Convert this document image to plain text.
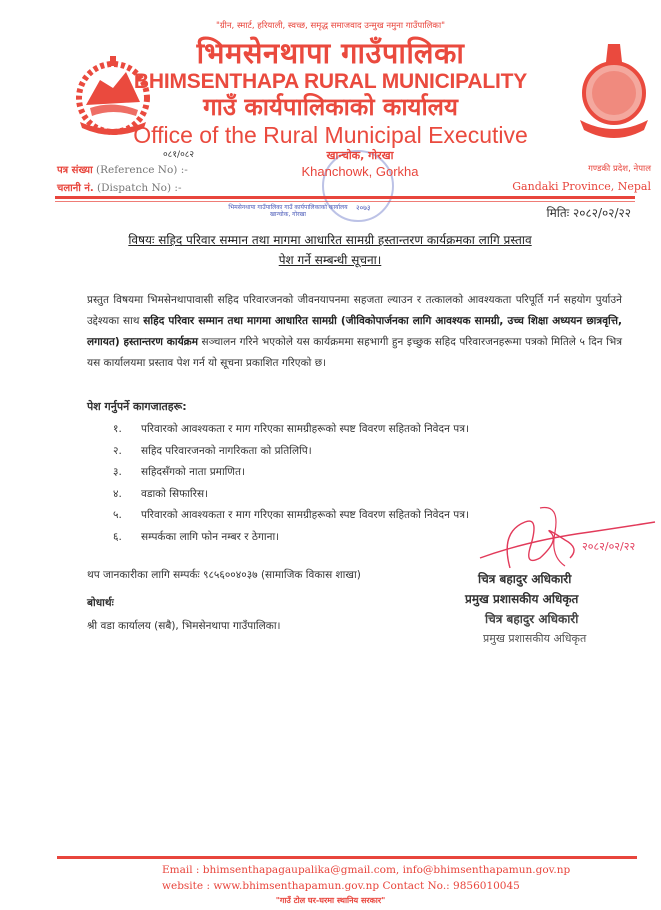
"ग्रीन, स्मार्ट, हरियाली, स्वच्छ, समृद्ध समाजवाद उन्मुख नमुना गाउँपालिका"
भिमसेनथापा गाउँपालिका
BHIMSENTHAPA RURAL MUNICIPALITY
गाउँ कार्यपालिकाको कार्यालय
Office of the Rural Municipal Executive
०८१/०८२
पत्र संख्या (Reference No) :-
चलानी नं. (Dispatch No) :-
खान्चोक, गोरखा
Khanchowk, Gorkha	गण्डकी प्रदेश, नेपाल
Gandaki Province, Nepal
भिमसेनथापा गाउँपालिका गाउँ कार्यपालिकाको कार्यालय खान्चोक, गोरखा
२०७३	मितिः २०८२/०२/२२
विषयः सहिद परिवार सम्मान तथा मागमा आधारित सामग्री हस्तान्तरण कार्यक्रमका लागि प्रस्ताव
पेश गर्ने सम्बन्धी सूचना।
प्रस्तुत विषयमा भिमसेनथापावासी सहिद परिवारजनको जीवनयापनमा सहजता ल्याउन र तत्कालको आवश्यकता परिपूर्ति गर्न सहयोग पुर्याउने उद्देश्यका साथ सहिद परिवार सम्मान तथा मागमा आधारित सामग्री (जीविकोपार्जनका लागि आवश्यक सामग्री, उच्च शिक्षा अध्ययन छात्रवृत्ति, लगायत) हस्तान्तरण कार्यक्रम सञ्चालन गरिने भएकोले यस कार्यक्रममा सहभागी हुन इच्छुक सहिद परिवारजनहरूमा पत्रको मितिले ५ दिन भित्र यस कार्यालयमा प्रस्ताव पेश गर्न यो सूचना प्रकाशित गरिएको छ।
पेश गर्नुपर्ने कागजातहरू:
१.	परिवारको आवश्यकता र माग गरिएका सामग्रीहरूको स्पष्ट विवरण सहितको निवेदन पत्र।
२.	सहिद परिवारजनको नागरिकता को प्रतिलिपि।
३.	सहिदसँगको नाता प्रमाणित।
४.	वडाको सिफारिस।
५.	परिवारको आवश्यकता र माग गरिएका सामग्रीहरूको स्पष्ट विवरण सहितको निवेदन पत्र।
६.	सम्पर्कका लागि फोन नम्बर र ठेगाना।
थप जानकारीका लागि सम्पर्कः ९८५६००४०३७ (सामाजिक विकास शाखा)
बोधार्थः
श्री वडा कार्यालय (सबै), भिमसेनथापा गाउँपालिका।
२०८२/०२/२२
चित्र बहादुर अधिकारी
प्रमुख प्रशासकीय अधिकृत
चित्र बहादुर अधिकारी
प्रमुख प्रशासकीय अधिकृत
Email : bhimsenthapagaupalika@gmail.com, info@bhimsenthapamun.gov.np
website : www.bhimsenthapamun.gov.np Contact No.: 9856010045
"गाउँ टोल घर-घरमा स्थानिय सरकार"
